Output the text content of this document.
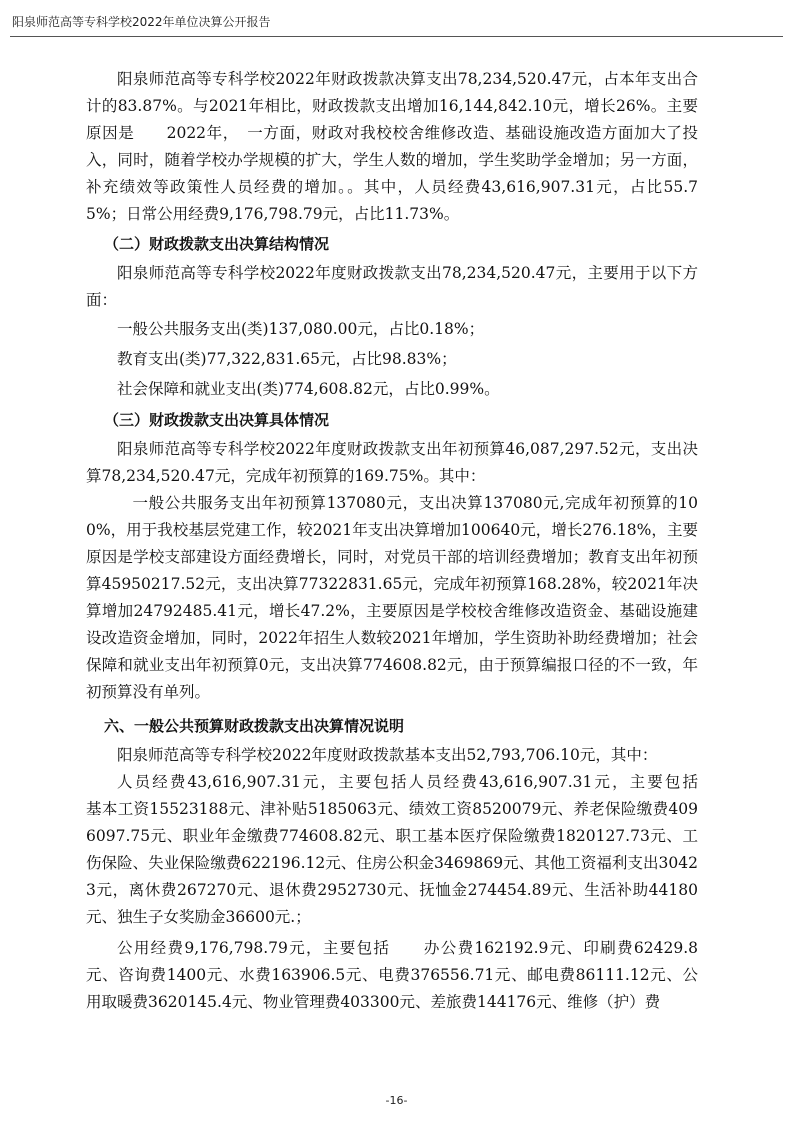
阳泉师范高等专科学校2022年单位决算公开报告

阳泉师范高等专科学校2022年财政拨款决算支出78,234,520.47元，占本年支出合计的83.87%。与2021年相比，财政拨款支出增加16,144,842.10元，增长26%。主要原因是　　2022年，　一方面，财政对我校校舍维修改造、基础设施改造方面加大了投入，同时，随着学校办学规模的扩大，学生人数的增加，学生奖助学金增加；另一方面，补充绩效等政策性人员经费的增加。。其中，人员经费43,616,907.31元，占比55.75%；日常公用经费9,176,798.79元，占比11.73%。

（二）财政拨款支出决算结构情况

阳泉师范高等专科学校2022年度财政拨款支出78,234,520.47元，主要用于以下方面：

一般公共服务支出(类)137,080.00元，占比0.18%；

教育支出(类)77,322,831.65元，占比98.83%；

社会保障和就业支出(类)774,608.82元，占比0.99%。

（三）财政拨款支出决算具体情况

阳泉师范高等专科学校2022年度财政拨款支出年初预算46,087,297.52元，支出决算78,234,520.47元，完成年初预算的169.75%。其中：

一般公共服务支出年初预算137080元，支出决算137080元,完成年初预算的100%，用于我校基层党建工作，较2021年支出决算增加100640元，增长276.18%，主要原因是学校支部建设方面经费增长，同时，对党员干部的培训经费增加；教育支出年初预算45950217.52元，支出决算77322831.65元，完成年初预算168.28%，较2021年决算增加24792485.41元，增长47.2%，主要原因是学校校舍维修改造资金、基础设施建设改造资金增加，同时，2022年招生人数较2021年增加，学生资助补助经费增加；社会保障和就业支出年初预算0元，支出决算774608.82元，由于预算编报口径的不一致，年初预算没有单列。

六、一般公共预算财政拨款支出决算情况说明

阳泉师范高等专科学校2022年度财政拨款基本支出52,793,706.10元，其中：

人员经费43,616,907.31元，主要包括人员经费43,616,907.31元，主要包括　　基本工资15523188元、津补贴5185063元、绩效工资8520079元、养老保险缴费4096097.75元、职业年金缴费774608.82元、职工基本医疗保险缴费1820127.73元、工伤保险、失业保险缴费622196.12元、住房公积金3469869元、其他工资福利支出30423元，离休费267270元、退休费2952730元、抚恤金274454.89元、生活补助44180元、独生子女奖励金36600元.；

公用经费9,176,798.79元，主要包括　　办公费162192.9元、印刷费62429.8元、咨询费1400元、水费163906.5元、电费376556.71元、邮电费86111.12元、公用取暖费3620145.4元、物业管理费403300元、差旅费144176元、维修（护）费

-16-
